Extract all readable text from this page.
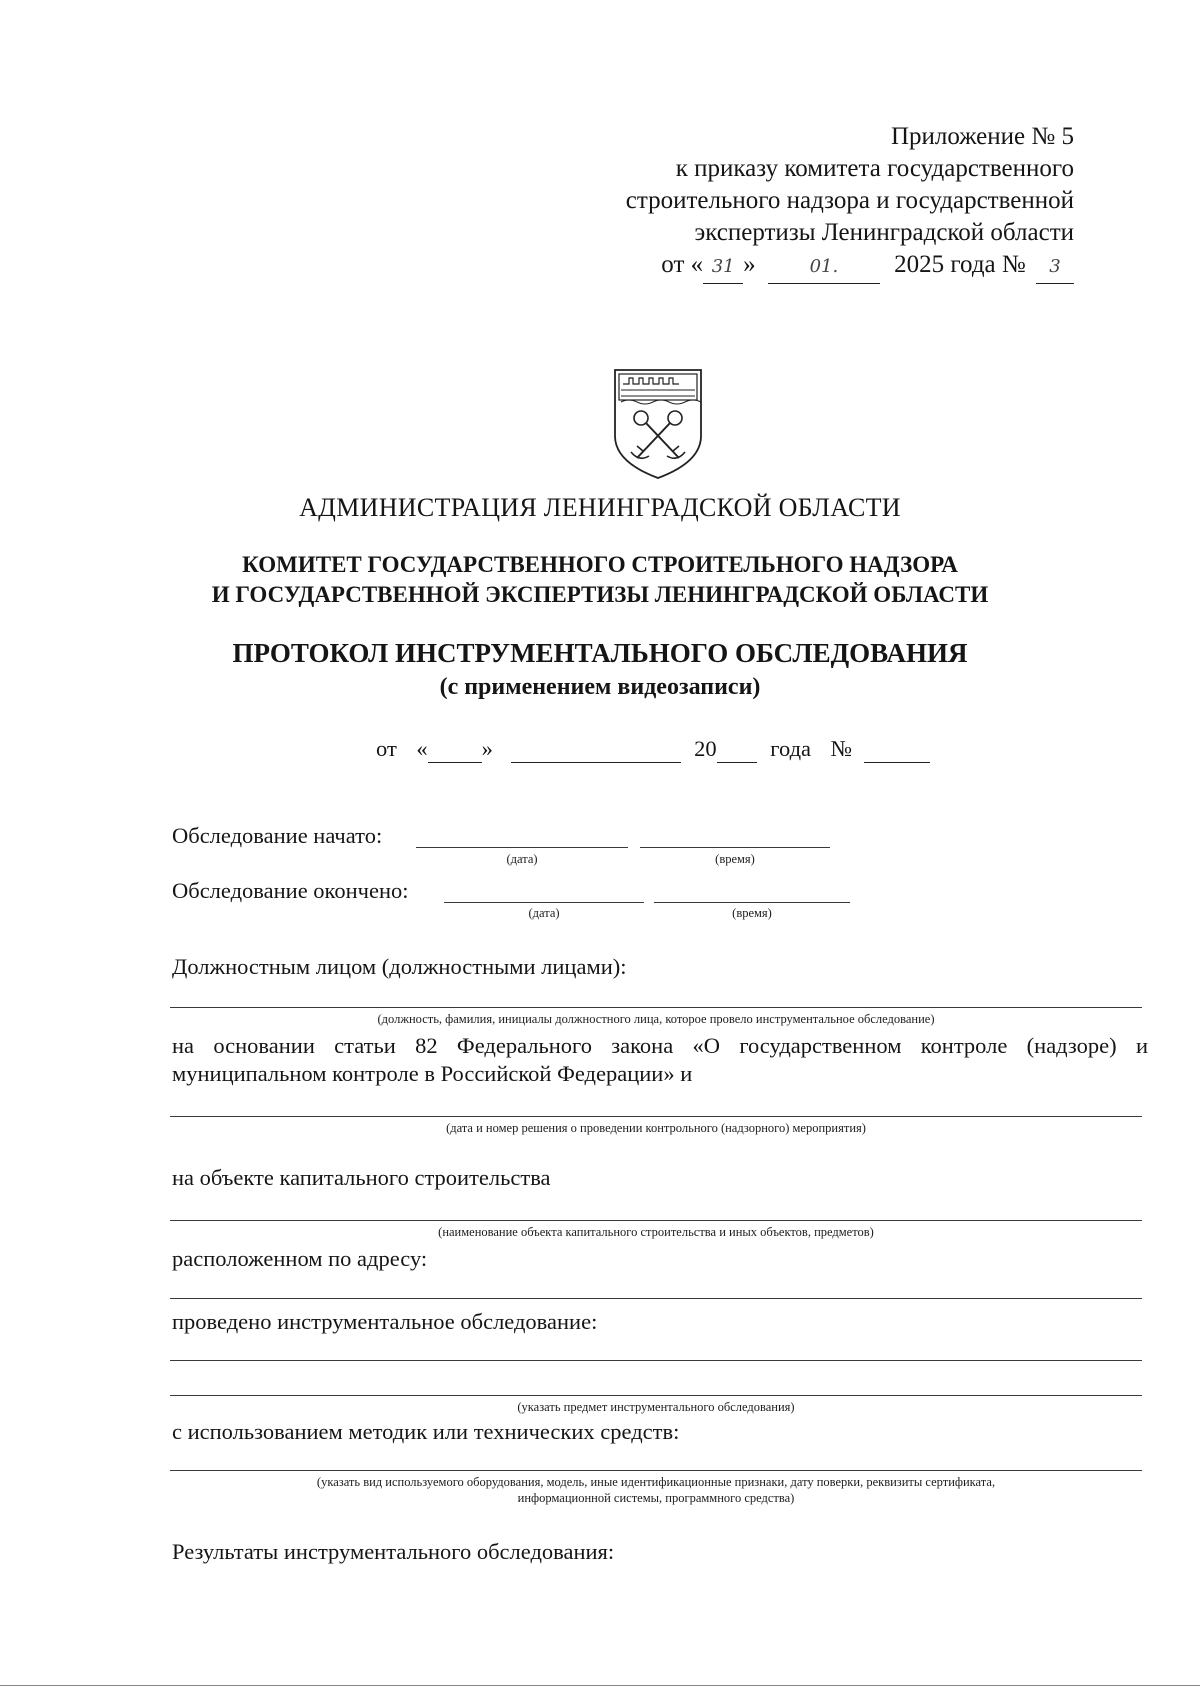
Приложение № 5
к приказу комитета государственного
строительного надзора и государственной
экспертизы Ленинградской области
от « 31 »	01. 2025 года № 3
АДМИНИСТРАЦИЯ ЛЕНИНГРАДСКОЙ ОБЛАСТИ
КОМИТЕТ ГОСУДАРСТВЕННОГО СТРОИТЕЛЬНОГО НАДЗОРА
И ГОСУДАРСТВЕННОЙ ЭКСПЕРТИЗЫ ЛЕНИНГРАДСКОЙ ОБЛАСТИ
ПРОТОКОЛ ИНСТРУМЕНТАЛЬНОГО ОБСЛЕДОВАНИЯ
(с применением видеозаписи)
от « »	20 года №
Обследование начато:
(дата)	(время)
Обследование окончено:
(дата)	(время)
Должностным лицом (должностными лицами):
(должность, фамилия, инициалы должностного лица, которое провело инструментальное обследование)
на основании статьи 82 Федерального закона «О государственном контроле (надзоре) и муниципальном контроле в Российской Федерации» и
(дата и номер решения о проведении контрольного (надзорного) мероприятия)
на объекте капитального строительства
(наименование объекта капитального строительства и иных объектов, предметов)
расположенном по адресу:
проведено инструментальное обследование:
(указать предмет инструментального обследования)
с использованием методик или технических средств:
(указать вид используемого оборудования, модель, иные идентификационные признаки, дату поверки, реквизиты сертификата,
информационной системы, программного средства)
Результаты инструментального обследования:
